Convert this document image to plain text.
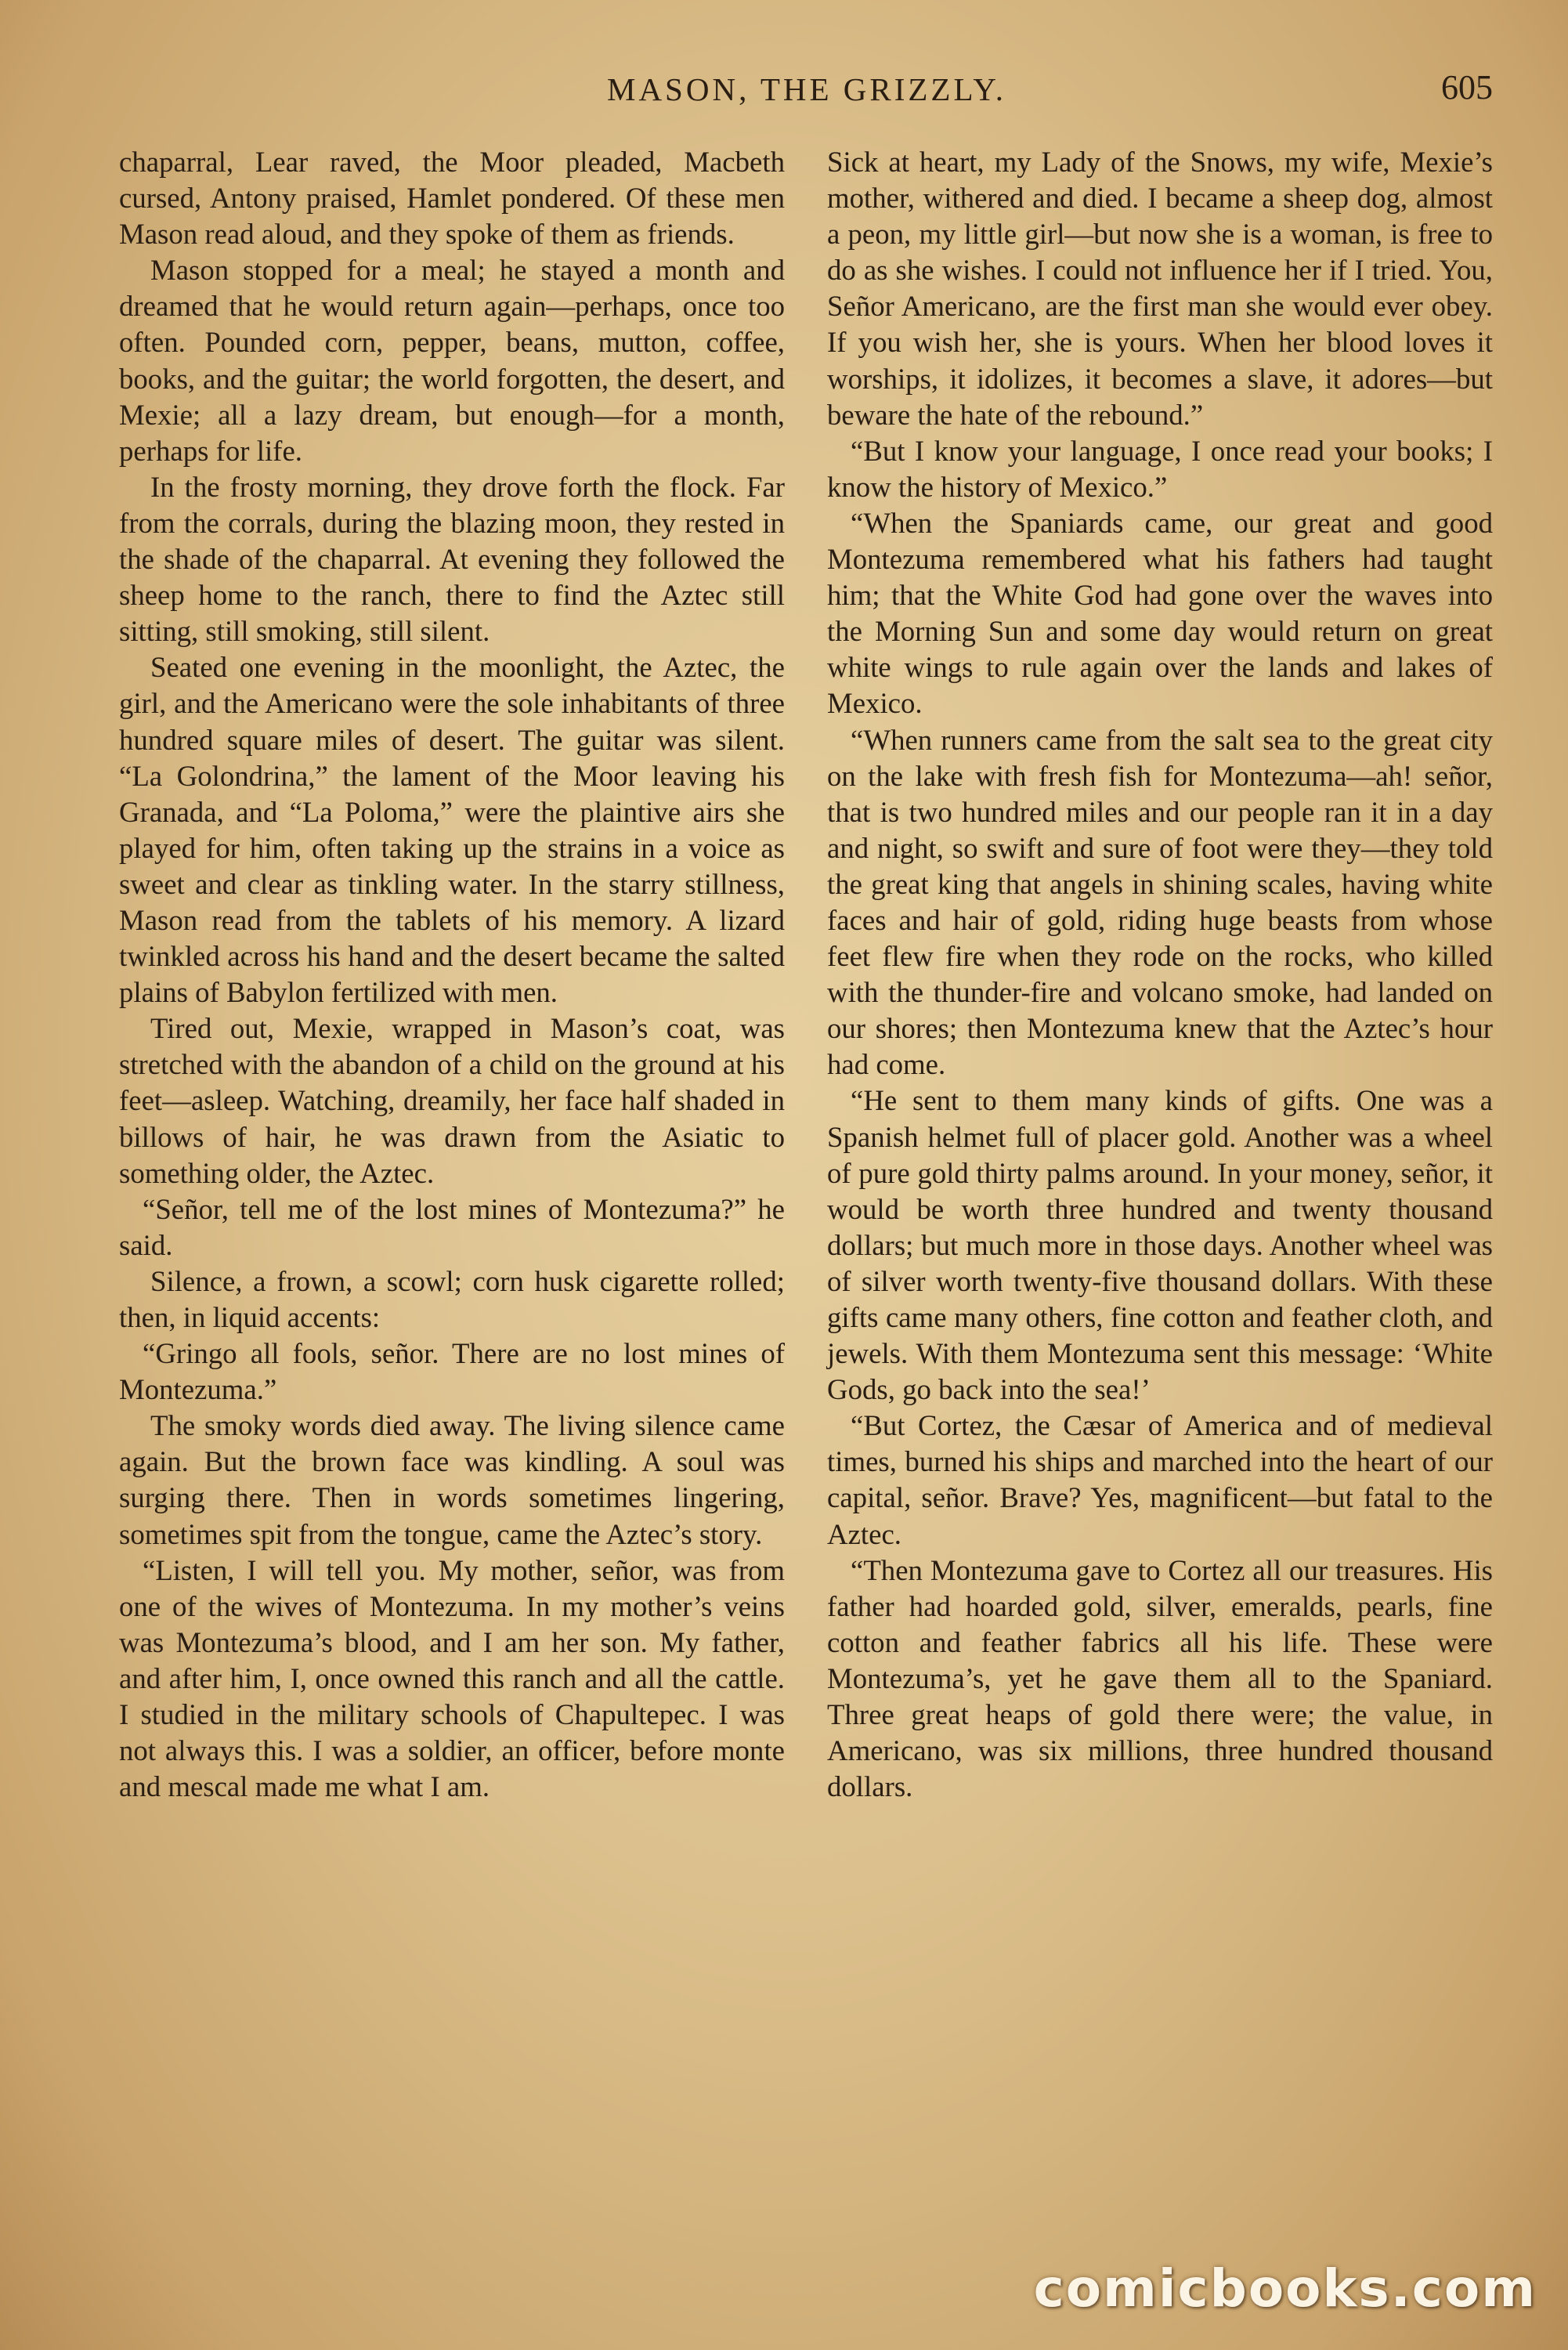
MASON, THE GRIZZLY.	605

chaparral, Lear raved, the Moor pleaded, Macbeth cursed, Antony praised, Hamlet pondered. Of these men Mason read aloud, and they spoke of them as friends.

Mason stopped for a meal; he stayed a month and dreamed that he would return again—perhaps, once too often. Pounded corn, pepper, beans, mutton, coffee, books, and the guitar; the world forgotten, the desert, and Mexie; all a lazy dream, but enough—for a month, perhaps for life.

In the frosty morning, they drove forth the flock. Far from the corrals, during the blazing moon, they rested in the shade of the chaparral. At evening they followed the sheep home to the ranch, there to find the Aztec still sitting, still smoking, still silent.

Seated one evening in the moonlight, the Aztec, the girl, and the Americano were the sole inhabitants of three hundred square miles of desert. The guitar was silent. “La Golondrina,” the lament of the Moor leaving his Granada, and “La Poloma,” were the plaintive airs she played for him, often taking up the strains in a voice as sweet and clear as tinkling water. In the starry stillness, Mason read from the tablets of his memory. A lizard twinkled across his hand and the desert became the salted plains of Babylon fertilized with men.

Tired out, Mexie, wrapped in Mason’s coat, was stretched with the abandon of a child on the ground at his feet—asleep. Watching, dreamily, her face half shaded in billows of hair, he was drawn from the Asiatic to something older, the Aztec.

“Señor, tell me of the lost mines of Montezuma?” he said.

Silence, a frown, a scowl; corn husk cigarette rolled; then, in liquid accents:

“Gringo all fools, señor. There are no lost mines of Montezuma.”

The smoky words died away. The living silence came again. But the brown face was kindling. A soul was surging there. Then in words sometimes lingering, sometimes spit from the tongue, came the Aztec’s story.

“Listen, I will tell you. My mother, señor, was from one of the wives of Montezuma. In my mother’s veins was Montezuma’s blood, and I am her son. My father, and after him, I, once owned this ranch and all the cattle. I studied in the military schools of Chapultepec. I was not always this. I was a soldier, an officer, before monte and mescal made me what I am.

Sick at heart, my Lady of the Snows, my wife, Mexie’s mother, withered and died. I became a sheep dog, almost a peon, my little girl—but now she is a woman, is free to do as she wishes. I could not influence her if I tried. You, Señor Americano, are the first man she would ever obey. If you wish her, she is yours. When her blood loves it worships, it idolizes, it becomes a slave, it adores—but beware the hate of the rebound.”

“But I know your language, I once read your books; I know the history of Mexico.”

“When the Spaniards came, our great and good Montezuma remembered what his fathers had taught him; that the White God had gone over the waves into the Morning Sun and some day would return on great white wings to rule again over the lands and lakes of Mexico.

“When runners came from the salt sea to the great city on the lake with fresh fish for Montezuma—ah! señor, that is two hundred miles and our people ran it in a day and night, so swift and sure of foot were they—they told the great king that angels in shining scales, having white faces and hair of gold, riding huge beasts from whose feet flew fire when they rode on the rocks, who killed with the thunder-fire and volcano smoke, had landed on our shores; then Montezuma knew that the Aztec’s hour had come.

“He sent to them many kinds of gifts. One was a Spanish helmet full of placer gold. Another was a wheel of pure gold thirty palms around. In your money, señor, it would be worth three hundred and twenty thousand dollars; but much more in those days. Another wheel was of silver worth twenty-five thousand dollars. With these gifts came many others, fine cotton and feather cloth, and jewels. With them Montezuma sent this message: ‘White Gods, go back into the sea!’

“But Cortez, the Cæsar of America and of medieval times, burned his ships and marched into the heart of our capital, señor. Brave? Yes, magnificent—but fatal to the Aztec.

“Then Montezuma gave to Cortez all our treasures. His father had hoarded gold, silver, emeralds, pearls, fine cotton and feather fabrics all his life. These were Montezuma’s, yet he gave them all to the Spaniard. Three great heaps of gold there were; the value, in Americano, was six millions, three hundred thousand dollars.

comicbooks.com
